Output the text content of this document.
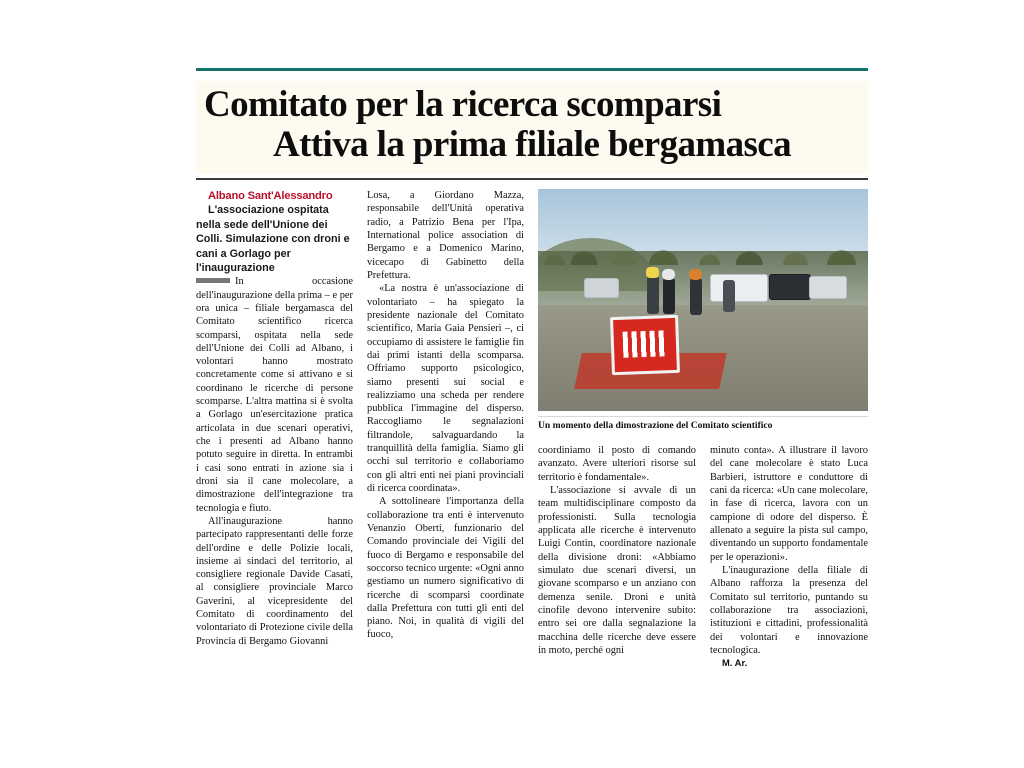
Comitato per la ricerca scomparsi
Attiva la prima filiale bergamasca

Albano Sant'Alessandro

L'associazione ospitata nella sede dell'Unione dei Colli. Simulazione con droni e cani a Gorlago per l'inaugurazione

In occasione dell'inaugurazione della prima – e per ora unica – filiale bergamasca del Comitato scientifico ricerca scomparsi, ospitata nella sede dell'Unione dei Colli ad Albano, i volontari hanno mostrato concretamente come si attivano e si coordinano le ricerche di persone scomparse. L'altra mattina si è svolta a Gorlago un'esercitazione pratica articolata in due scenari operativi, che i presenti ad Albano hanno potuto seguire in diretta. In entrambi i casi sono entrati in azione sia i droni sia il cane molecolare, a dimostrazione dell'integrazione tra tecnologia e fiuto.

All'inaugurazione hanno partecipato rappresentanti delle forze dell'ordine e delle Polizie locali, insieme ai sindaci del territorio, al consigliere regionale Davide Casati, al consigliere provinciale Marco Gaverini, al vicepresidente del Comitato di coordinamento del volontariato di Protezione civile della Provincia di Bergamo Giovanni

Losa, a Giordano Mazza, responsabile dell'Unità operativa radio, a Patrizio Bena per l'Ipa, International police association di Bergamo e a Domenico Marino, vicecapo di Gabinetto della Prefettura.

«La nostra è un'associazione di volontariato – ha spiegato la presidente nazionale del Comitato scientifico, Maria Gaia Pensieri –, ci occupiamo di assistere le famiglie fin dai primi istanti della scomparsa. Offriamo supporto psicologico, siamo presenti sui social e realizziamo una scheda per rendere pubblica l'immagine del disperso. Raccogliamo le segnalazioni filtrandole, salvaguardando la tranquillità della famiglia. Siamo gli occhi sul territorio e collaboriamo con gli altri enti nei piani provinciali di ricerca coordinata».

A sottolineare l'importanza della collaborazione tra enti è intervenuto Venanzio Oberti, funzionario del Comando provinciale dei Vigili del fuoco di Bergamo e responsabile del soccorso tecnico urgente: «Ogni anno gestiamo un numero significativo di ricerche di scomparsi coordinate dalla Prefettura con tutti gli enti del piano. Noi, in qualità di vigili del fuoco,

Un momento della dimostrazione del Comitato scientifico

coordiniamo il posto di comando avanzato. Avere ulteriori risorse sul territorio è fondamentale».

L'associazione si avvale di un team multidisciplinare composto da professionisti. Sulla tecnologia applicata alle ricerche è intervenuto Luigi Contin, coordinatore nazionale della divisione droni: «Abbiamo simulato due scenari diversi, un giovane scomparso e un anziano con demenza senile. Droni e unità cinofile devono intervenire subito: entro sei ore dalla segnalazione la macchina delle ricerche deve essere in moto, perché ogni

minuto conta». A illustrare il lavoro del cane molecolare è stato Luca Barbieri, istruttore e conduttore di cani da ricerca: «Un cane molecolare, in fase di ricerca, lavora con un campione di odore del disperso. È allenato a seguire la pista sul campo, diventando un supporto fondamentale per le operazioni».

L'inaugurazione della filiale di Albano rafforza la presenza del Comitato sul territorio, puntando su collaborazione tra associazioni, istituzioni e cittadini, professionalità dei volontari e innovazione tecnologica.

M. Ar.
